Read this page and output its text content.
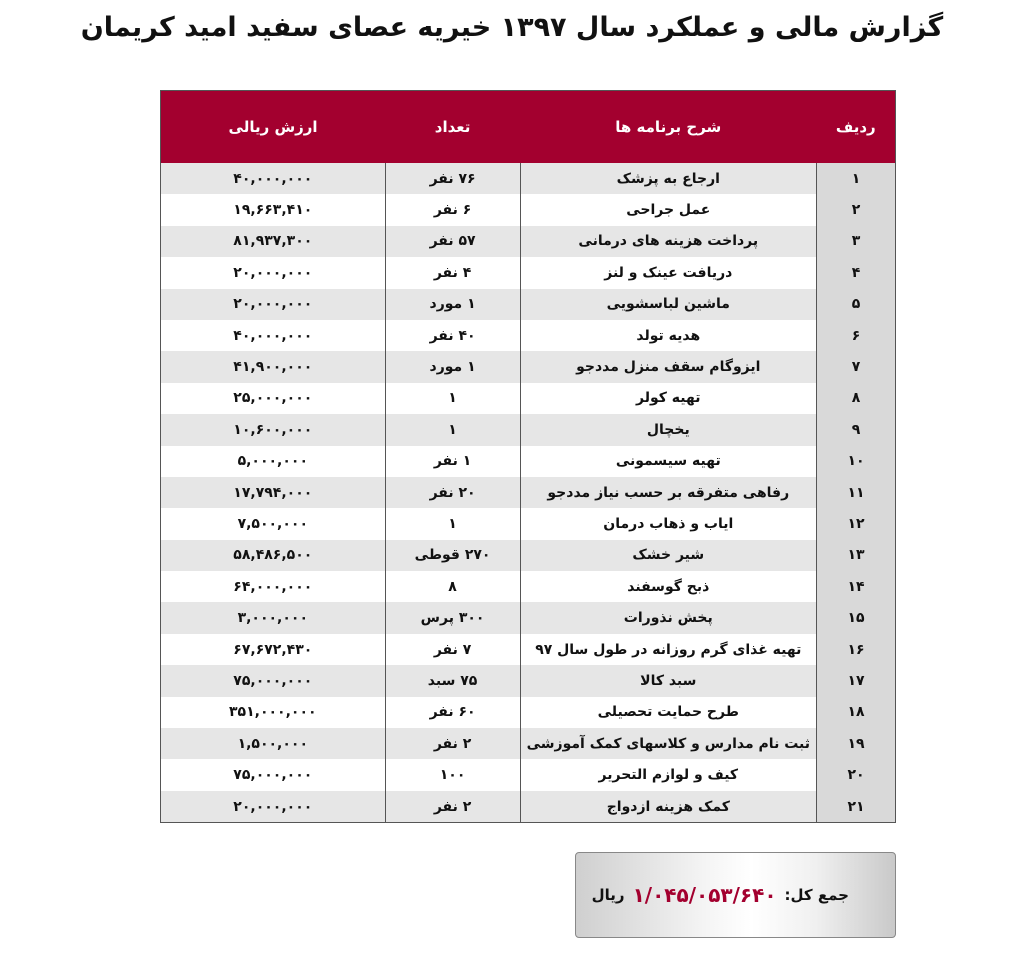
گزارش مالی و عملکرد سال ۱۳۹۷ خیریه عصای سفید امید کریمان
ردیف	شرح برنامه ها	تعداد	ارزش ریالی
۱	ارجاع به پزشک	۷۶ نفر	۴۰,۰۰۰,۰۰۰
۲	عمل جراحی	۶ نفر	۱۹,۶۶۳,۴۱۰
۳	پرداخت هزینه های درمانی	۵۷ نفر	۸۱,۹۳۷,۳۰۰
۴	دریافت عینک و لنز	۴ نفر	۲۰,۰۰۰,۰۰۰
۵	ماشین لباسشویی	۱ مورد	۲۰,۰۰۰,۰۰۰
۶	هدیه تولد	۴۰ نفر	۴۰,۰۰۰,۰۰۰
۷	ایزوگام سقف منزل مددجو	۱ مورد	۴۱,۹۰۰,۰۰۰
۸	تهیه کولر	۱	۲۵,۰۰۰,۰۰۰
۹	یخچال	۱	۱۰,۶۰۰,۰۰۰
۱۰	تهیه سیسمونی	۱ نفر	۵,۰۰۰,۰۰۰
۱۱	رفاهی متفرقه بر حسب نیاز مددجو	۲۰ نفر	۱۷,۷۹۴,۰۰۰
۱۲	ایاب و ذهاب درمان	۱	۷,۵۰۰,۰۰۰
۱۳	شیر خشک	۲۷۰ قوطی	۵۸,۴۸۶,۵۰۰
۱۴	ذبح گوسفند	۸	۶۴,۰۰۰,۰۰۰
۱۵	پخش نذورات	۳۰۰ پرس	۳,۰۰۰,۰۰۰
۱۶	تهیه غذای گرم روزانه در طول سال ۹۷	۷ نفر	۶۷,۶۷۲,۴۳۰
۱۷	سبد کالا	۷۵ سبد	۷۵,۰۰۰,۰۰۰
۱۸	طرح حمایت تحصیلی	۶۰ نفر	۳۵۱,۰۰۰,۰۰۰
۱۹	ثبت نام مدارس و کلاسهای کمک آموزشی	۲ نفر	۱,۵۰۰,۰۰۰
۲۰	کیف و لوازم التحریر	۱۰۰	۷۵,۰۰۰,۰۰۰
۲۱	کمک هزینه ازدواج	۲ نفر	۲۰,۰۰۰,۰۰۰
جمع کل:
۱/۰۴۵/۰۵۳/۶۴۰
ریال
